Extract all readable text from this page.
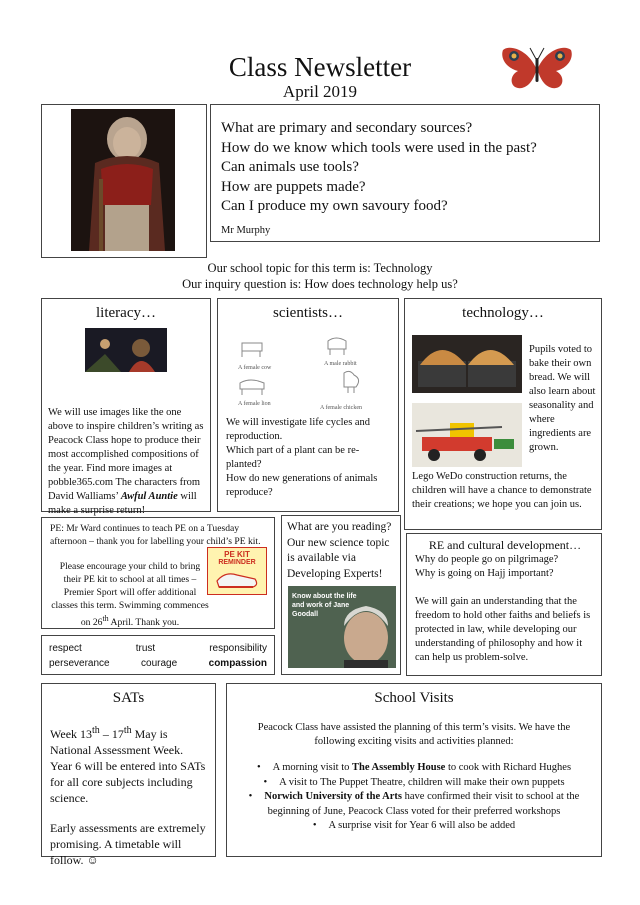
Class Newsletter
April 2019
What are primary and secondary sources?
How do we know which tools were used in the past?
Can animals use tools?
How are puppets made?
Can I produce my own savoury food?
Mr Murphy
Our school topic for this term is: Technology
Our inquiry question is: How does technology help us?
literacy…
We will use images like the one above to inspire children’s writing as Peacock Class hope to produce their most accomplished compositions of the year. Find more images at pobble365.com The characters from David Walliams’ Awful Auntie will make a surprise return!
scientists…
A female cow
A male rabbit
A female lion
A female chicken
We will investigate life cycles and reproduction.
Which part of a plant can be re-planted?
How do new generations of animals reproduce?
technology…
Pupils voted to bake their own bread. We will also learn about seasonality and where ingredients are grown.
Lego WeDo construction returns, the children will have a chance to demonstrate their creations; we hope you can join us.
PE: Mr Ward continues to teach PE on a Tuesday afternoon – thank you for labelling your child’s PE kit.
Please encourage your child to bring their PE kit to school at all times – Premier Sport will offer additional classes this term. Swimming commences on 26th April. Thank you.
PE KIT
REMINDER
respect	trust	responsibility
perseverance	courage	compassion
What are you reading? Our new science topic is available via Developing Experts!
Know about the life and work of Jane Goodall
RE and cultural development…
Why do people go on pilgrimage?
Why is going on Hajj important?
We will gain an understanding that the freedom to hold other faiths and beliefs is protected in law, while developing our understanding of philosophy and how it can help us problem-solve.
SATs
Week 13th – 17th May is National Assessment Week. Year 6 will be entered into SATs for all core subjects including science.
Early assessments are extremely promising. A timetable will follow. ☺
School Visits
Peacock Class have assisted the planning of this term’s visits. We have the following exciting visits and activities planned:
• A morning visit to The Assembly House to cook with Richard Hughes
• A visit to The Puppet Theatre, children will make their own puppets
• Norwich University of the Arts have confirmed their visit to school at the beginning of June, Peacock Class voted for their preferred workshops
• A surprise visit for Year 6 will also be added
